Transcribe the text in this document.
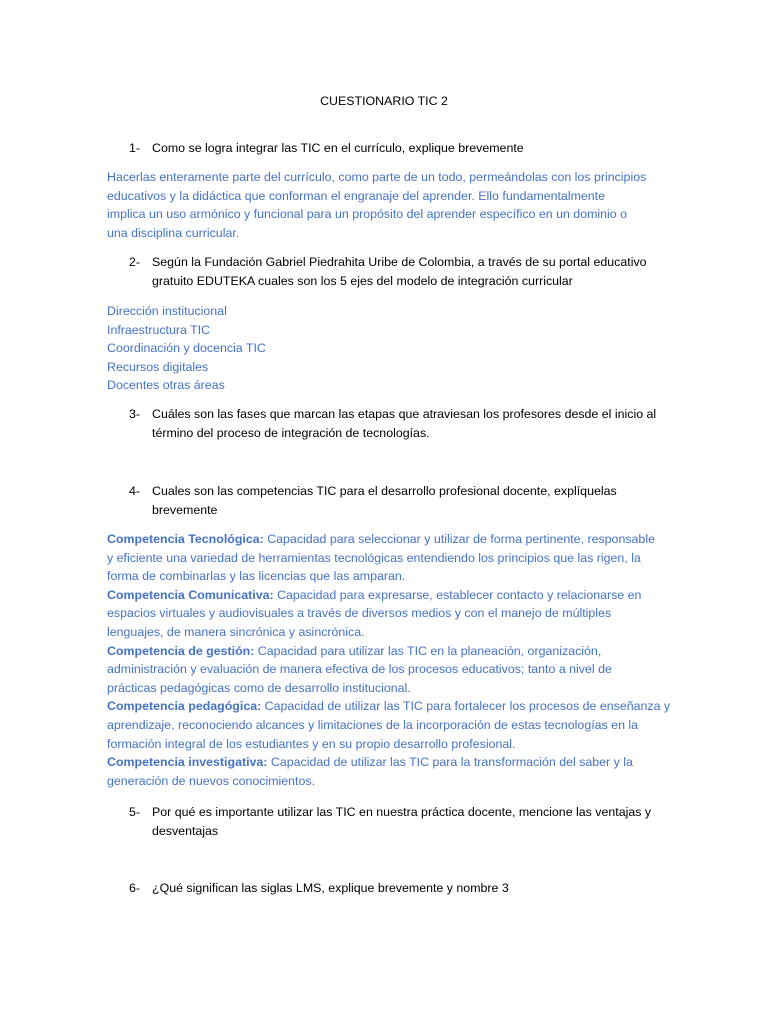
CUESTIONARIO TIC 2
1- Como se logra integrar las TIC en el currículo, explique brevemente
Hacerlas enteramente parte del currículo, como parte de un todo, permeándolas con los principios
educativos y la didáctica que conforman el engranaje del aprender. Ello fundamentalmente
implica un uso armónico y funcional para un propósito del aprender específico en un dominio o
una disciplina curricular.
2- Según la Fundación Gabriel Piedrahita Uribe de Colombia, a través de su portal educativo gratuito EDUTEKA cuales son los 5 ejes del modelo de integración curricular
Dirección institucional
Infraestructura TIC
Coordinación y docencia TIC
Recursos digitales
Docentes otras áreas
3- Cuáles son las fases que marcan las etapas que atraviesan los profesores desde el inicio al término del proceso de integración de tecnologías.
4- Cuales son las competencias TIC para el desarrollo profesional docente, explíquelas brevemente
Competencia Tecnológica: Capacidad para seleccionar y utilizar de forma pertinente, responsable
y eficiente una variedad de herramientas tecnológicas entendiendo los principios que las rigen, la
forma de combinarlas y las licencias que las amparan.
Competencia Comunicativa: Capacidad para expresarse, establecer contacto y relacionarse en
espacios virtuales y audiovisuales a través de diversos medios y con el manejo de múltiples
lenguajes, de manera sincrónica y asincrónica.
Competencia de gestión: Capacidad para utilizar las TIC en la planeación, organización,
administración y evaluación de manera efectiva de los procesos educativos; tanto a nivel de
prácticas pedagógicas como de desarrollo institucional.
Competencia pedagógica: Capacidad de utilizar las TIC para fortalecer los procesos de enseñanza y
aprendizaje, reconociendo alcances y limitaciones de la incorporación de estas tecnologías en la
formación integral de los estudiantes y en su propio desarrollo profesional.
Competencia investigativa: Capacidad de utilizar las TIC para la transformación del saber y la
generación de nuevos conocimientos.
5- Por qué es importante utilizar las TIC en nuestra práctica docente, mencione las ventajas y desventajas
6- ¿Qué significan las siglas LMS, explique brevemente y nombre 3
